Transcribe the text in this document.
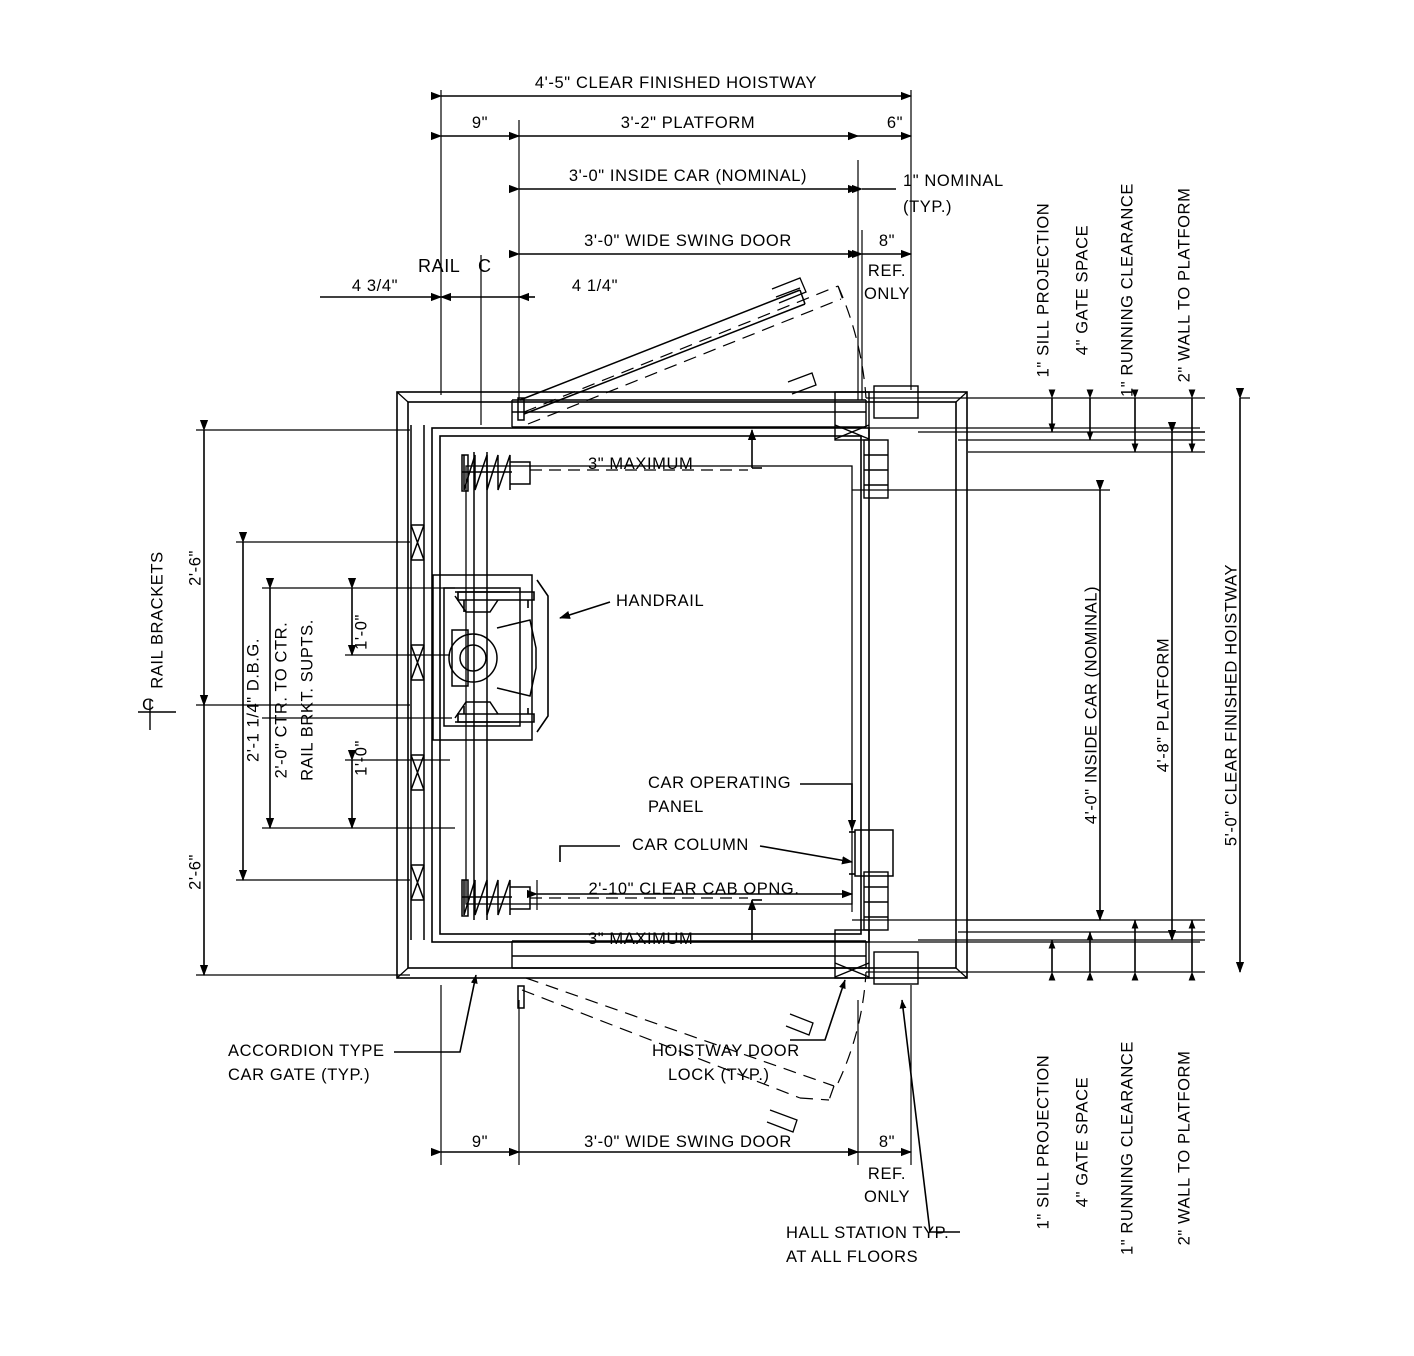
4'-5" CLEAR FINISHED HOISTWAY
9"	3'-2" PLATFORM	6"
3'-0" INSIDE CAR (NOMINAL)	1" NOMINAL
(TYP.)
3'-0" WIDE SWING DOOR	8"
REF.
ONLY
RAIL C
4 3/4"	4 1/4"	1" SILL PROJECTION 4" GATE SPACE 1" RUNNING CLEARANCE 2" WALL TO PLATFORM
4'-0" INSIDE CAR (NOMINAL)	4'-8" PLATFORM	5'-0" CLEAR FINISHED HOISTWAY
1" SILL PROJECTION 4" GATE SPACE 1" RUNNING CLEARANCE 2" WALL TO PLATFORM
RAIL BRACKETS 2'-6"
2'-6"
2'-1 1/4" D.B.G. 2'-0" CTR. TO CTR. RAIL BRKT. SUPTS. 1'-0"
1'-0"
3" MAXIMUM
3" MAXIMUM
HANDRAIL
CAR OPERATING
PANEL
CAR COLUMN
2'-10" CLEAR CAB OPNG.
ACCORDION TYPE
CAR GATE (TYP.)
HOISTWAY DOOR
LOCK (TYP.)
HALL STATION TYP.
AT ALL FLOORS
9"	3'-0" WIDE SWING DOOR	8"
REF.
ONLY
C
